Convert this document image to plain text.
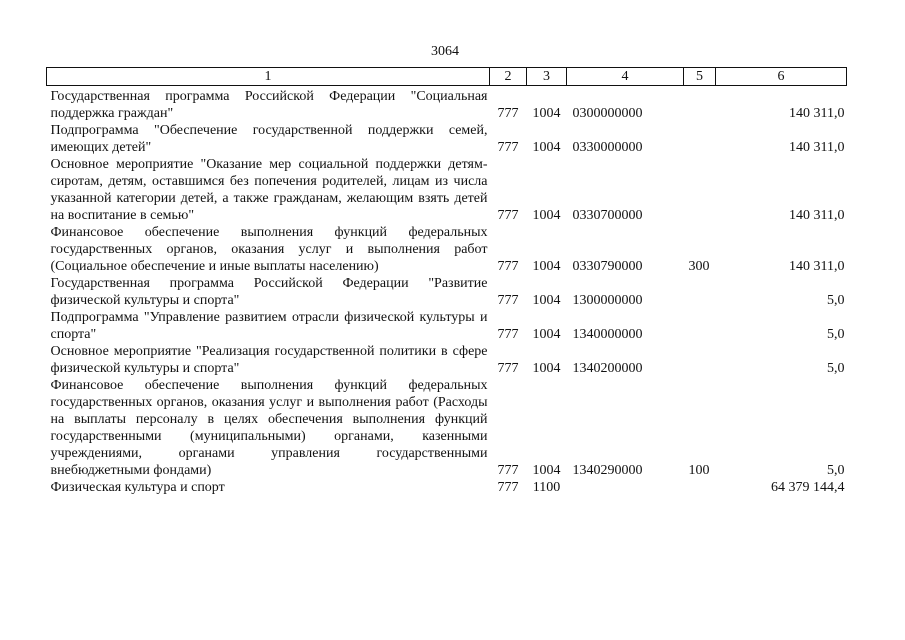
3064
1	2	3	4	5	6
Государственная программа Российской Федерации "Социальная поддержка граждан"	777	1004	0300000000		140 311,0
Подпрограмма "Обеспечение государственной поддержки семей, имеющих детей"	777	1004	0330000000		140 311,0
Основное мероприятие "Оказание мер социальной поддержки детям-сиротам, детям, оставшимся без попечения родителей, лицам из числа указанной категории детей, а также гражданам, желающим взять детей на воспитание в семью"	777	1004	0330700000		140 311,0
Финансовое обеспечение выполнения функций федеральных государственных органов, оказания услуг и выполнения работ (Социальное обеспечение и иные выплаты населению)	777	1004	0330790000	300	140 311,0
Государственная программа Российской Федерации "Развитие физической культуры и спорта"	777	1004	1300000000		5,0
Подпрограмма "Управление развитием отрасли физической культуры и спорта"	777	1004	1340000000		5,0
Основное мероприятие "Реализация государственной политики в сфере физической культуры и спорта"	777	1004	1340200000		5,0
Финансовое обеспечение выполнения функций федеральных государственных органов, оказания услуг и выполнения работ (Расходы на выплаты персоналу в целях обеспечения выполнения функций государственными (муниципальными) органами, казенными учреждениями, органами управления государственными внебюджетными фондами)	777	1004	1340290000	100	5,0
Физическая культура и спорт	777	1100			64 379 144,4
